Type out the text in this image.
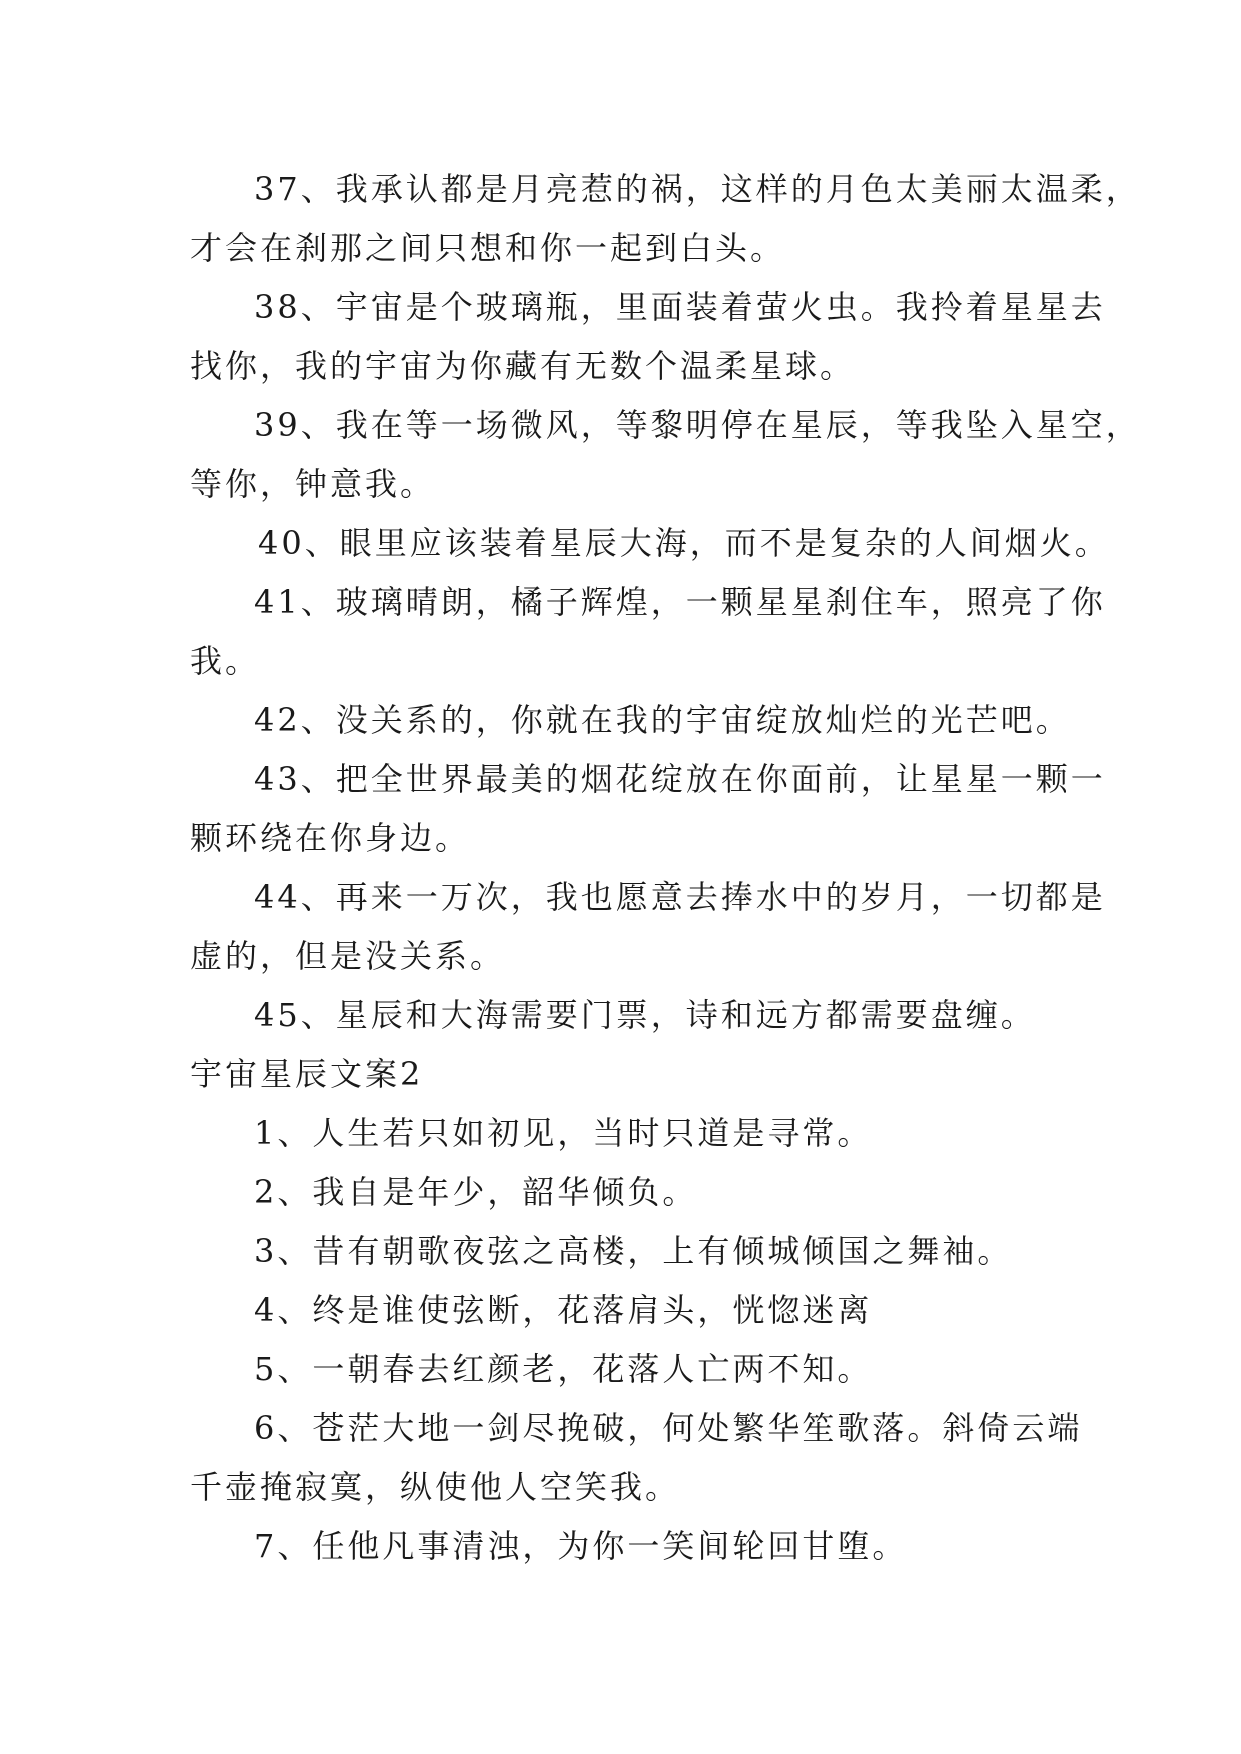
37、我承认都是月亮惹的祸，这样的月色太美丽太温柔，
才会在刹那之间只想和你一起到白头。
38、宇宙是个玻璃瓶，里面装着萤火虫。我拎着星星去
找你，我的宇宙为你藏有无数个温柔星球。
39、我在等一场微风，等黎明停在星辰，等我坠入星空，
等你，钟意我。
40、眼里应该装着星辰大海，而不是复杂的人间烟火。
41、玻璃晴朗，橘子辉煌，一颗星星刹住车，照亮了你
我。
42、没关系的，你就在我的宇宙绽放灿烂的光芒吧。
43、把全世界最美的烟花绽放在你面前，让星星一颗一
颗环绕在你身边。
44、再来一万次，我也愿意去捧水中的岁月，一切都是
虚的，但是没关系。
45、星辰和大海需要门票，诗和远方都需要盘缠。
宇宙星辰文案2
1、人生若只如初见，当时只道是寻常。
2、我自是年少，韶华倾负。
3、昔有朝歌夜弦之高楼，上有倾城倾国之舞袖。
4、终是谁使弦断，花落肩头，恍惚迷离
5、一朝春去红颜老，花落人亡两不知。
6、苍茫大地一剑尽挽破，何处繁华笙歌落。斜倚云端
千壶掩寂寞，纵使他人空笑我。
7、任他凡事清浊，为你一笑间轮回甘堕。
